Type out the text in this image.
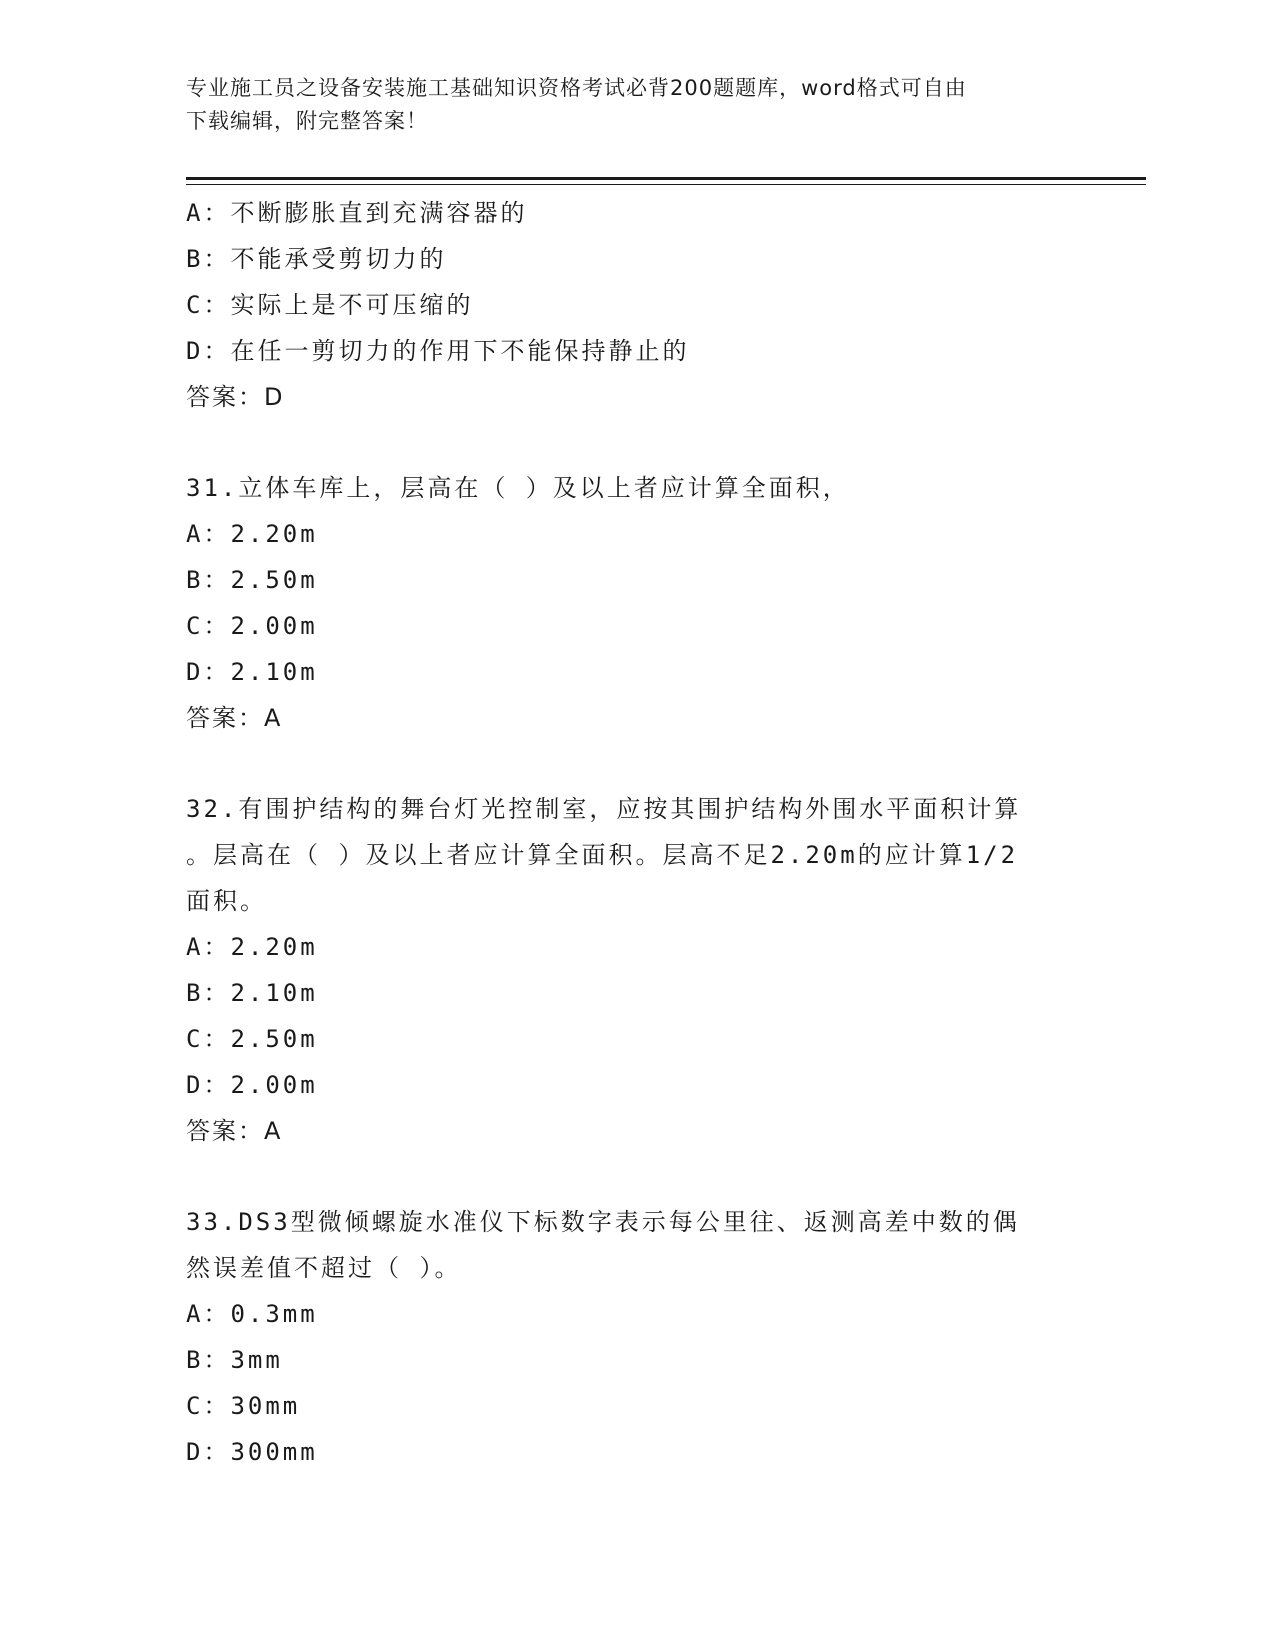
专业施工员之设备安装施工基础知识资格考试必背200题题库，word格式可自由
下载编辑，附完整答案！
A：不断膨胀直到充满容器的
B：不能承受剪切力的
C：实际上是不可压缩的
D：在任一剪切力的作用下不能保持静止的
答案：D
31.立体车库上，层高在（ ）及以上者应计算全面积，
A：2.20m
B：2.50m
C：2.00m
D：2.10m
答案：A
32.有围护结构的舞台灯光控制室，应按其围护结构外围水平面积计算
。层高在（ ）及以上者应计算全面积。层高不足2.20m的应计算1/2
面积。
A：2.20m
B：2.10m
C：2.50m
D：2.00m
答案：A
33.DS3型微倾螺旋水准仪下标数字表示每公里往、返测高差中数的偶
然误差值不超过（ ）。
A：0.3mm
B：3mm
C：30mm
D：300mm
